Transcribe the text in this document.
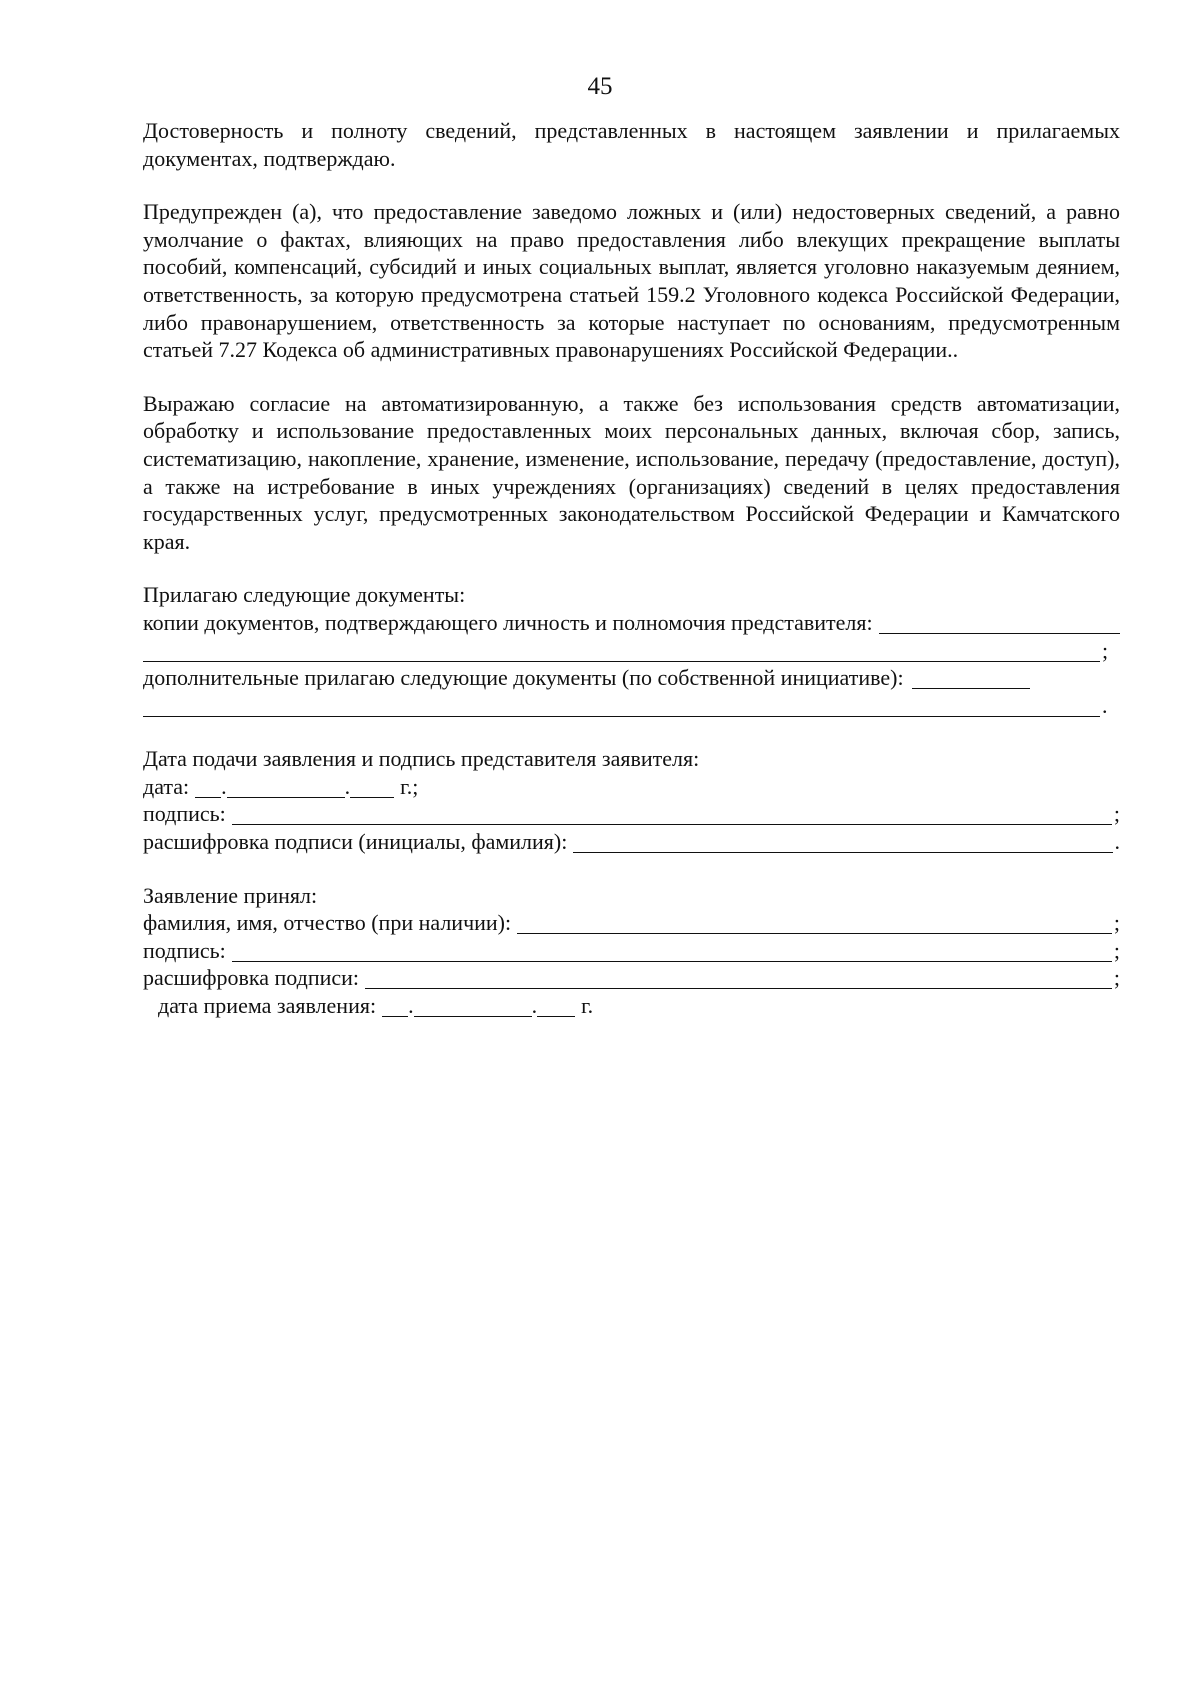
45

Достоверность и полноту сведений, представленных в настоящем заявлении и прилагаемых документах, подтверждаю.

Предупрежден (а), что предоставление заведомо ложных и (или) недостоверных сведений, а равно умолчание о фактах, влияющих на право предоставления либо влекущих прекращение выплаты пособий, компенсаций, субсидий и иных социальных выплат, является уголовно наказуемым деянием, ответственность, за которую предусмотрена статьей 159.2 Уголовного кодекса Российской Федерации, либо правонарушением, ответственность за которые наступает по основаниям, предусмотренным статьей 7.27 Кодекса об административных правонарушениях Российской Федерации..

Выражаю согласие на автоматизированную, а также без использования средств автоматизации, обработку и использование предоставленных моих персональных данных, включая сбор, запись, систематизацию, накопление, хранение, изменение, использование, передачу (предоставление, доступ), а также на истребование в иных учреждениях (организациях) сведений в целях предоставления государственных услуг, предусмотренных законодательством Российской Федерации и Камчатского края.

Прилагаю следующие документы:
копии документов, подтверждающего личность и полномочия представителя:
;
дополнительные прилагаю следующие документы (по собственной инициативе):
.
Дата подачи заявления и подпись представителя заявителя:
дата: .	. г.;
подпись:	;
расшифровка подписи (инициалы, фамилия):	.
Заявление принял:
фамилия, имя, отчество (при наличии):	;
подпись:	;
расшифровка подписи:	;
дата приема заявления: .	. г.
